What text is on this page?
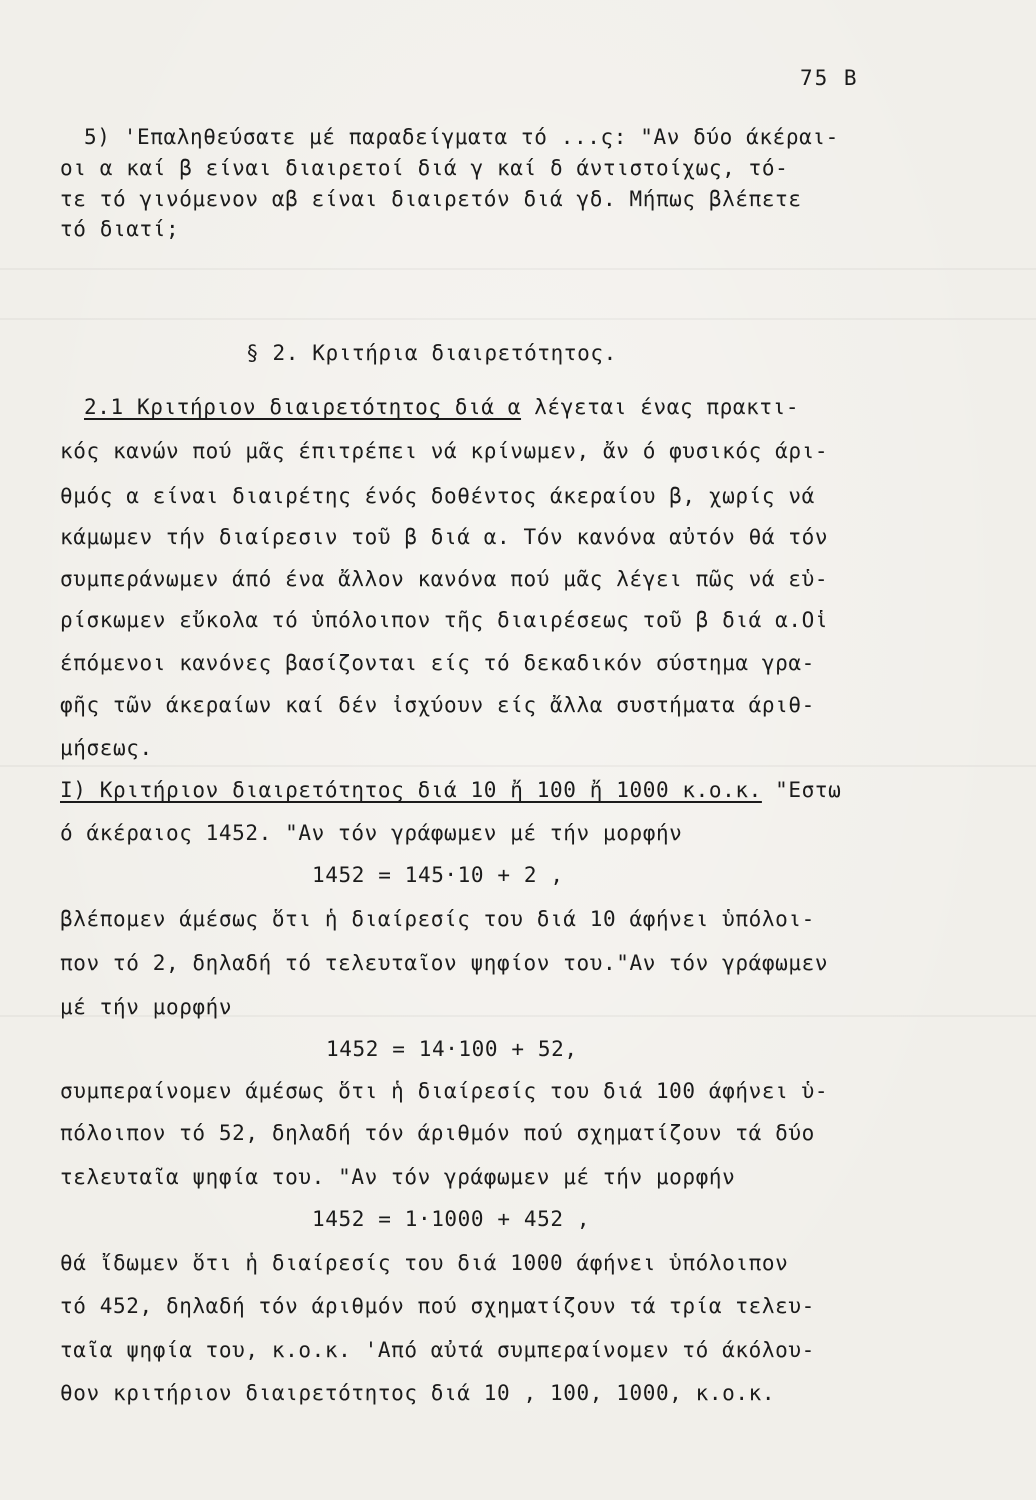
75 B
5) 'Επαληθεύσατε μέ παραδείγματα τό ...ς: "Αν δύο άκέραι-
οι α καί β είναι διαιρετοί διά γ καί δ άντιστοίχως, τό-
τε τό γινόμενον αβ είναι διαιρετόν διά γδ. Μήπως βλέπετε
τό διατί;
§ 2. Κριτήρια διαιρετότητος.
2.1 Κριτήριον διαιρετότητος διά α λέγεται ένας πρακτι-
κός κανών πού μᾶς έπιτρέπει νά κρίνωμεν, ἄν ό φυσικός άρι-
θμός α είναι διαιρέτης ένός δοθέντος άκεραίου β, χωρίς νά
κάμωμεν τήν διαίρεσιν τοῦ β διά α. Τόν κανόνα αὐτόν θά τόν
συμπεράνωμεν άπό ένα ἄλλον κανόνα πού μᾶς λέγει πῶς νά εὑ-
ρίσκωμεν εὔκολα τό ὑπόλοιπον τῆς διαιρέσεως τοῦ β διά α.Οἱ
έπόμενοι κανόνες βασίζονται είς τό δεκαδικόν σύστημα γρα-
φῆς τῶν άκεραίων καί δέν ἰσχύουν είς ἄλλα συστήματα άριθ-
μήσεως.
Ι) Κριτήριον διαιρετότητος διά 10 ἤ 100 ἤ 1000 κ.ο.κ. "Εστω
ό άκέραιος 1452. "Αν τόν γράφωμεν μέ τήν μορφήν
1452 = 145·10 + 2 ,
βλέπομεν άμέσως ὅτι ἡ διαίρεσίς του διά 10 άφήνει ὑπόλοι-
πον τό 2, δηλαδή τό τελευταῖον ψηφίον του."Αν τόν γράφωμεν
μέ τήν μορφήν
1452 = 14·100 + 52,
συμπεραίνομεν άμέσως ὅτι ἡ διαίρεσίς του διά 100 άφήνει ὑ-
πόλοιπον τό 52, δηλαδή τόν άριθμόν πού σχηματίζουν τά δύο
τελευταῖα ψηφία του. "Αν τόν γράφωμεν μέ τήν μορφήν
1452 = 1·1000 + 452 ,
θά ἴδωμεν ὅτι ἡ διαίρεσίς του διά 1000 άφήνει ὑπόλοιπον
τό 452, δηλαδή τόν άριθμόν πού σχηματίζουν τά τρία τελευ-
ταῖα ψηφία του, κ.ο.κ. 'Από αὐτά συμπεραίνομεν τό άκόλου-
θον κριτήριον διαιρετότητος διά 10 , 100, 1000, κ.ο.κ.
